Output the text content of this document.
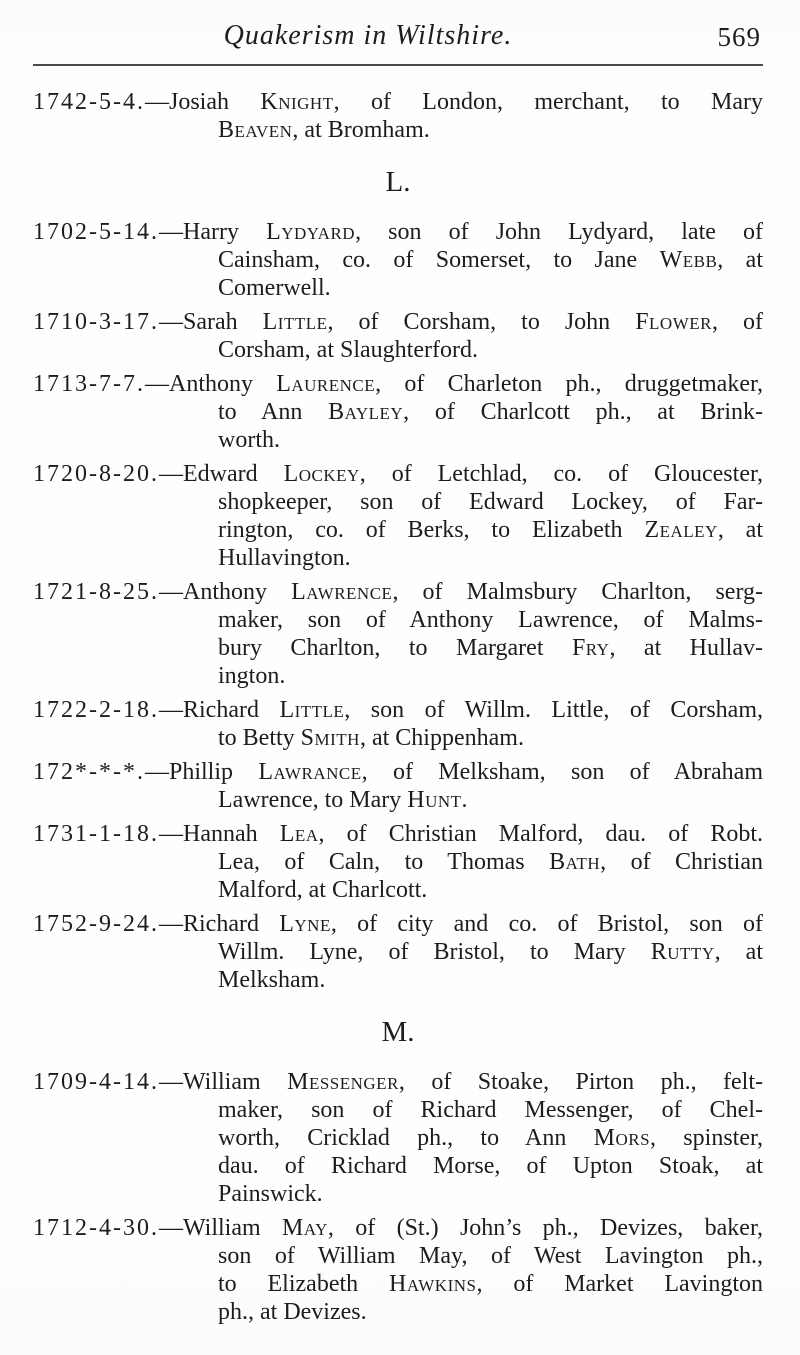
Quakerism in Wiltshire.	569
1742-5-4.—Josiah Knight, of London, merchant, to Mary
Beaven, at Bromham.
L.
1702-5-14.—Harry Lydyard, son of John Lydyard, late of
Cainsham, co. of Somerset, to Jane Webb, at
Comerwell.
1710-3-17.—Sarah Little, of Corsham, to John Flower, of
Corsham, at Slaughterford.
1713-7-7.—Anthony Laurence, of Charleton ph., druggetmaker,
to Ann Bayley, of Charlcott ph., at Brink-
worth.
1720-8-20.—Edward Lockey, of Letchlad, co. of Gloucester,
shopkeeper, son of Edward Lockey, of Far-
rington, co. of Berks, to Elizabeth Zealey, at
Hullavington.
1721-8-25.—Anthony Lawrence, of Malmsbury Charlton, serg-
maker, son of Anthony Lawrence, of Malms-
bury Charlton, to Margaret Fry, at Hullav-
ington.
1722-2-18.—Richard Little, son of Willm. Little, of Corsham,
to Betty Smith, at Chippenham.
172*-*-*.—Phillip Lawrance, of Melksham, son of Abraham
Lawrence, to Mary Hunt.
1731-1-18.—Hannah Lea, of Christian Malford, dau. of Robt.
Lea, of Caln, to Thomas Bath, of Christian
Malford, at Charlcott.
1752-9-24.—Richard Lyne, of city and co. of Bristol, son of
Willm. Lyne, of Bristol, to Mary Rutty, at
Melksham.
M.
1709-4-14.—William Messenger, of Stoake, Pirton ph., felt-
maker, son of Richard Messenger, of Chel-
worth, Cricklad ph., to Ann Mors, spinster,
dau. of Richard Morse, of Upton Stoak, at
Painswick.
1712-4-30.—William May, of (St.) John’s ph., Devizes, baker,
son of William May, of West Lavington ph.,
to Elizabeth Hawkins, of Market Lavington
ph., at Devizes.
